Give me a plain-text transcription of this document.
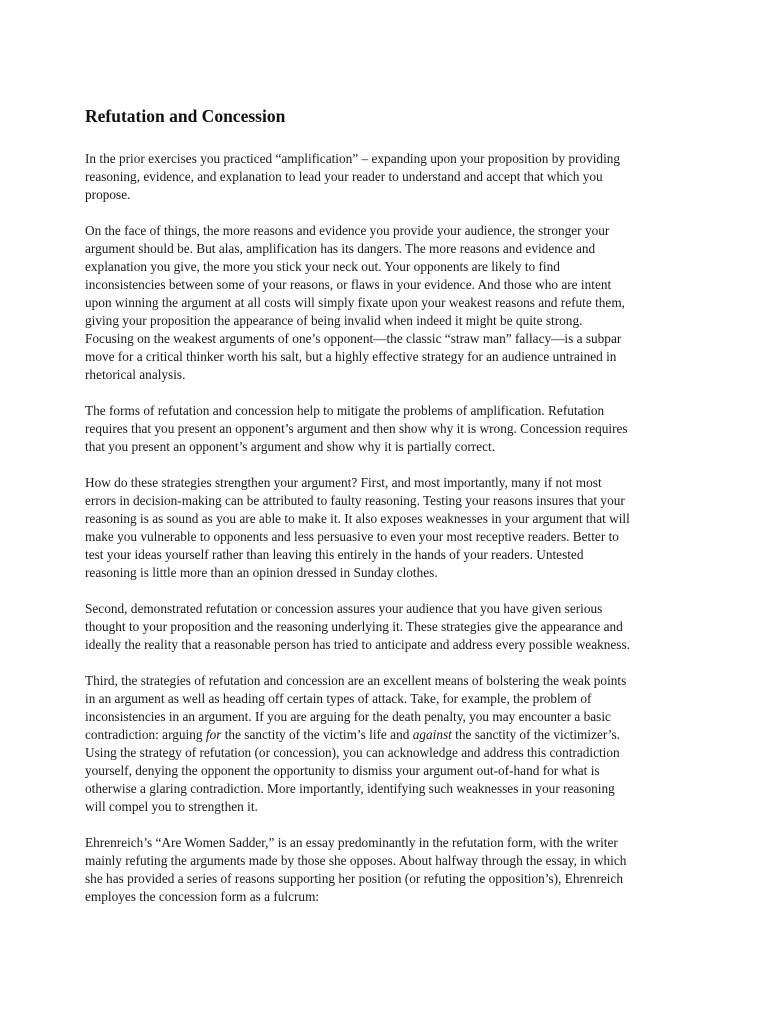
Refutation and Concession

In the prior exercises you practiced “amplification” – expanding upon your proposition by providing
reasoning, evidence, and explanation to lead your reader to understand and accept that which you
propose.

On the face of things, the more reasons and evidence you provide your audience, the stronger your
argument should be. But alas, amplification has its dangers. The more reasons and evidence and
explanation you give, the more you stick your neck out. Your opponents are likely to find
inconsistencies between some of your reasons, or flaws in your evidence. And those who are intent
upon winning the argument at all costs will simply fixate upon your weakest reasons and refute them,
giving your proposition the appearance of being invalid when indeed it might be quite strong.
Focusing on the weakest arguments of one’s opponent—the classic “straw man” fallacy—is a subpar
move for a critical thinker worth his salt, but a highly effective strategy for an audience untrained in
rhetorical analysis.

The forms of refutation and concession help to mitigate the problems of amplification. Refutation
requires that you present an opponent’s argument and then show why it is wrong. Concession requires
that you present an opponent’s argument and show why it is partially correct.

How do these strategies strengthen your argument? First, and most importantly, many if not most
errors in decision-making can be attributed to faulty reasoning. Testing your reasons insures that your
reasoning is as sound as you are able to make it. It also exposes weaknesses in your argument that will
make you vulnerable to opponents and less persuasive to even your most receptive readers. Better to
test your ideas yourself rather than leaving this entirely in the hands of your readers. Untested
reasoning is little more than an opinion dressed in Sunday clothes.

Second, demonstrated refutation or concession assures your audience that you have given serious
thought to your proposition and the reasoning underlying it. These strategies give the appearance and
ideally the reality that a reasonable person has tried to anticipate and address every possible weakness.

Third, the strategies of refutation and concession are an excellent means of bolstering the weak points
in an argument as well as heading off certain types of attack. Take, for example, the problem of
inconsistencies in an argument. If you are arguing for the death penalty, you may encounter a basic
contradiction: arguing for the sanctity of the victim’s life and against the sanctity of the victimizer’s.
Using the strategy of refutation (or concession), you can acknowledge and address this contradiction
yourself, denying the opponent the opportunity to dismiss your argument out-of-hand for what is
otherwise a glaring contradiction. More importantly, identifying such weaknesses in your reasoning
will compel you to strengthen it.

Ehrenreich’s “Are Women Sadder,” is an essay predominantly in the refutation form, with the writer
mainly refuting the arguments made by those she opposes. About halfway through the essay, in which
she has provided a series of reasons supporting her position (or refuting the opposition’s), Ehrenreich
employes the concession form as a fulcrum:
